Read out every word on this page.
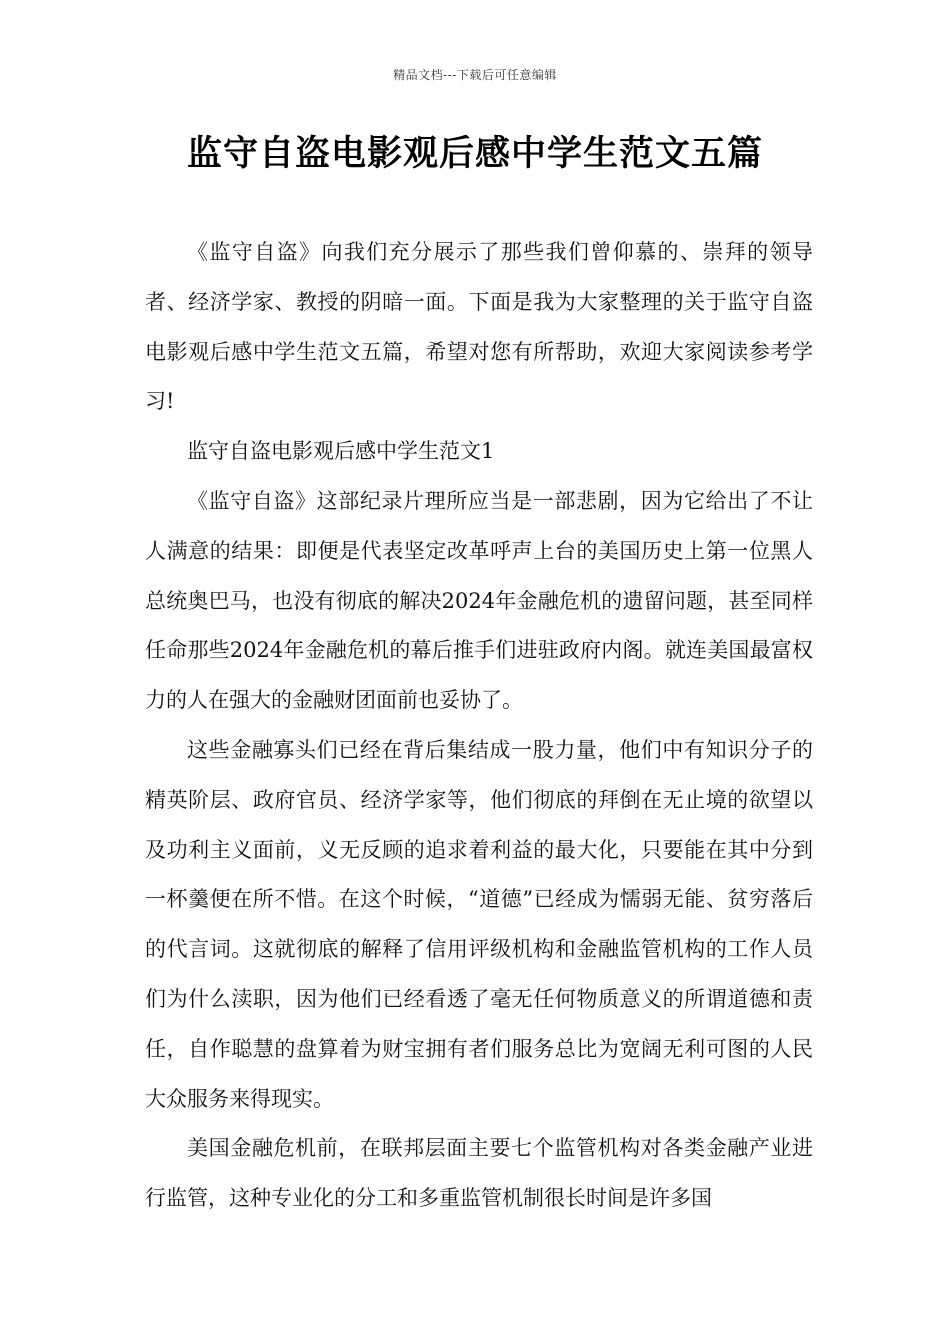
精品文档---下载后可任意编辑
监守自盗电影观后感中学生范文五篇

《监守自盗》向我们充分展示了那些我们曾仰慕的、崇拜的领导者、经济学家、教授的阴暗一面。下面是我为大家整理的关于监守自盗电影观后感中学生范文五篇，希望对您有所帮助，欢迎大家阅读参考学习!

监守自盗电影观后感中学生范文1

《监守自盗》这部纪录片理所应当是一部悲剧，因为它给出了不让人满意的结果：即便是代表坚定改革呼声上台的美国历史上第一位黑人总统奥巴马，也没有彻底的解决2024年金融危机的遗留问题，甚至同样任命那些2024年金融危机的幕后推手们进驻政府内阁。就连美国最富权力的人在强大的金融财团面前也妥协了。

这些金融寡头们已经在背后集结成一股力量，他们中有知识分子的精英阶层、政府官员、经济学家等，他们彻底的拜倒在无止境的欲望以及功利主义面前，义无反顾的追求着利益的最大化，只要能在其中分到一杯羹便在所不惜。在这个时候，“道德”已经成为懦弱无能、贫穷落后的代言词。这就彻底的解释了信用评级机构和金融监管机构的工作人员们为什么渎职，因为他们已经看透了毫无任何物质意义的所谓道德和责任，自作聪慧的盘算着为财宝拥有者们服务总比为宽阔无利可图的人民大众服务来得现实。

美国金融危机前，在联邦层面主要七个监管机构对各类金融产业进行监管，这种专业化的分工和多重监管机制很长时间是许多国
